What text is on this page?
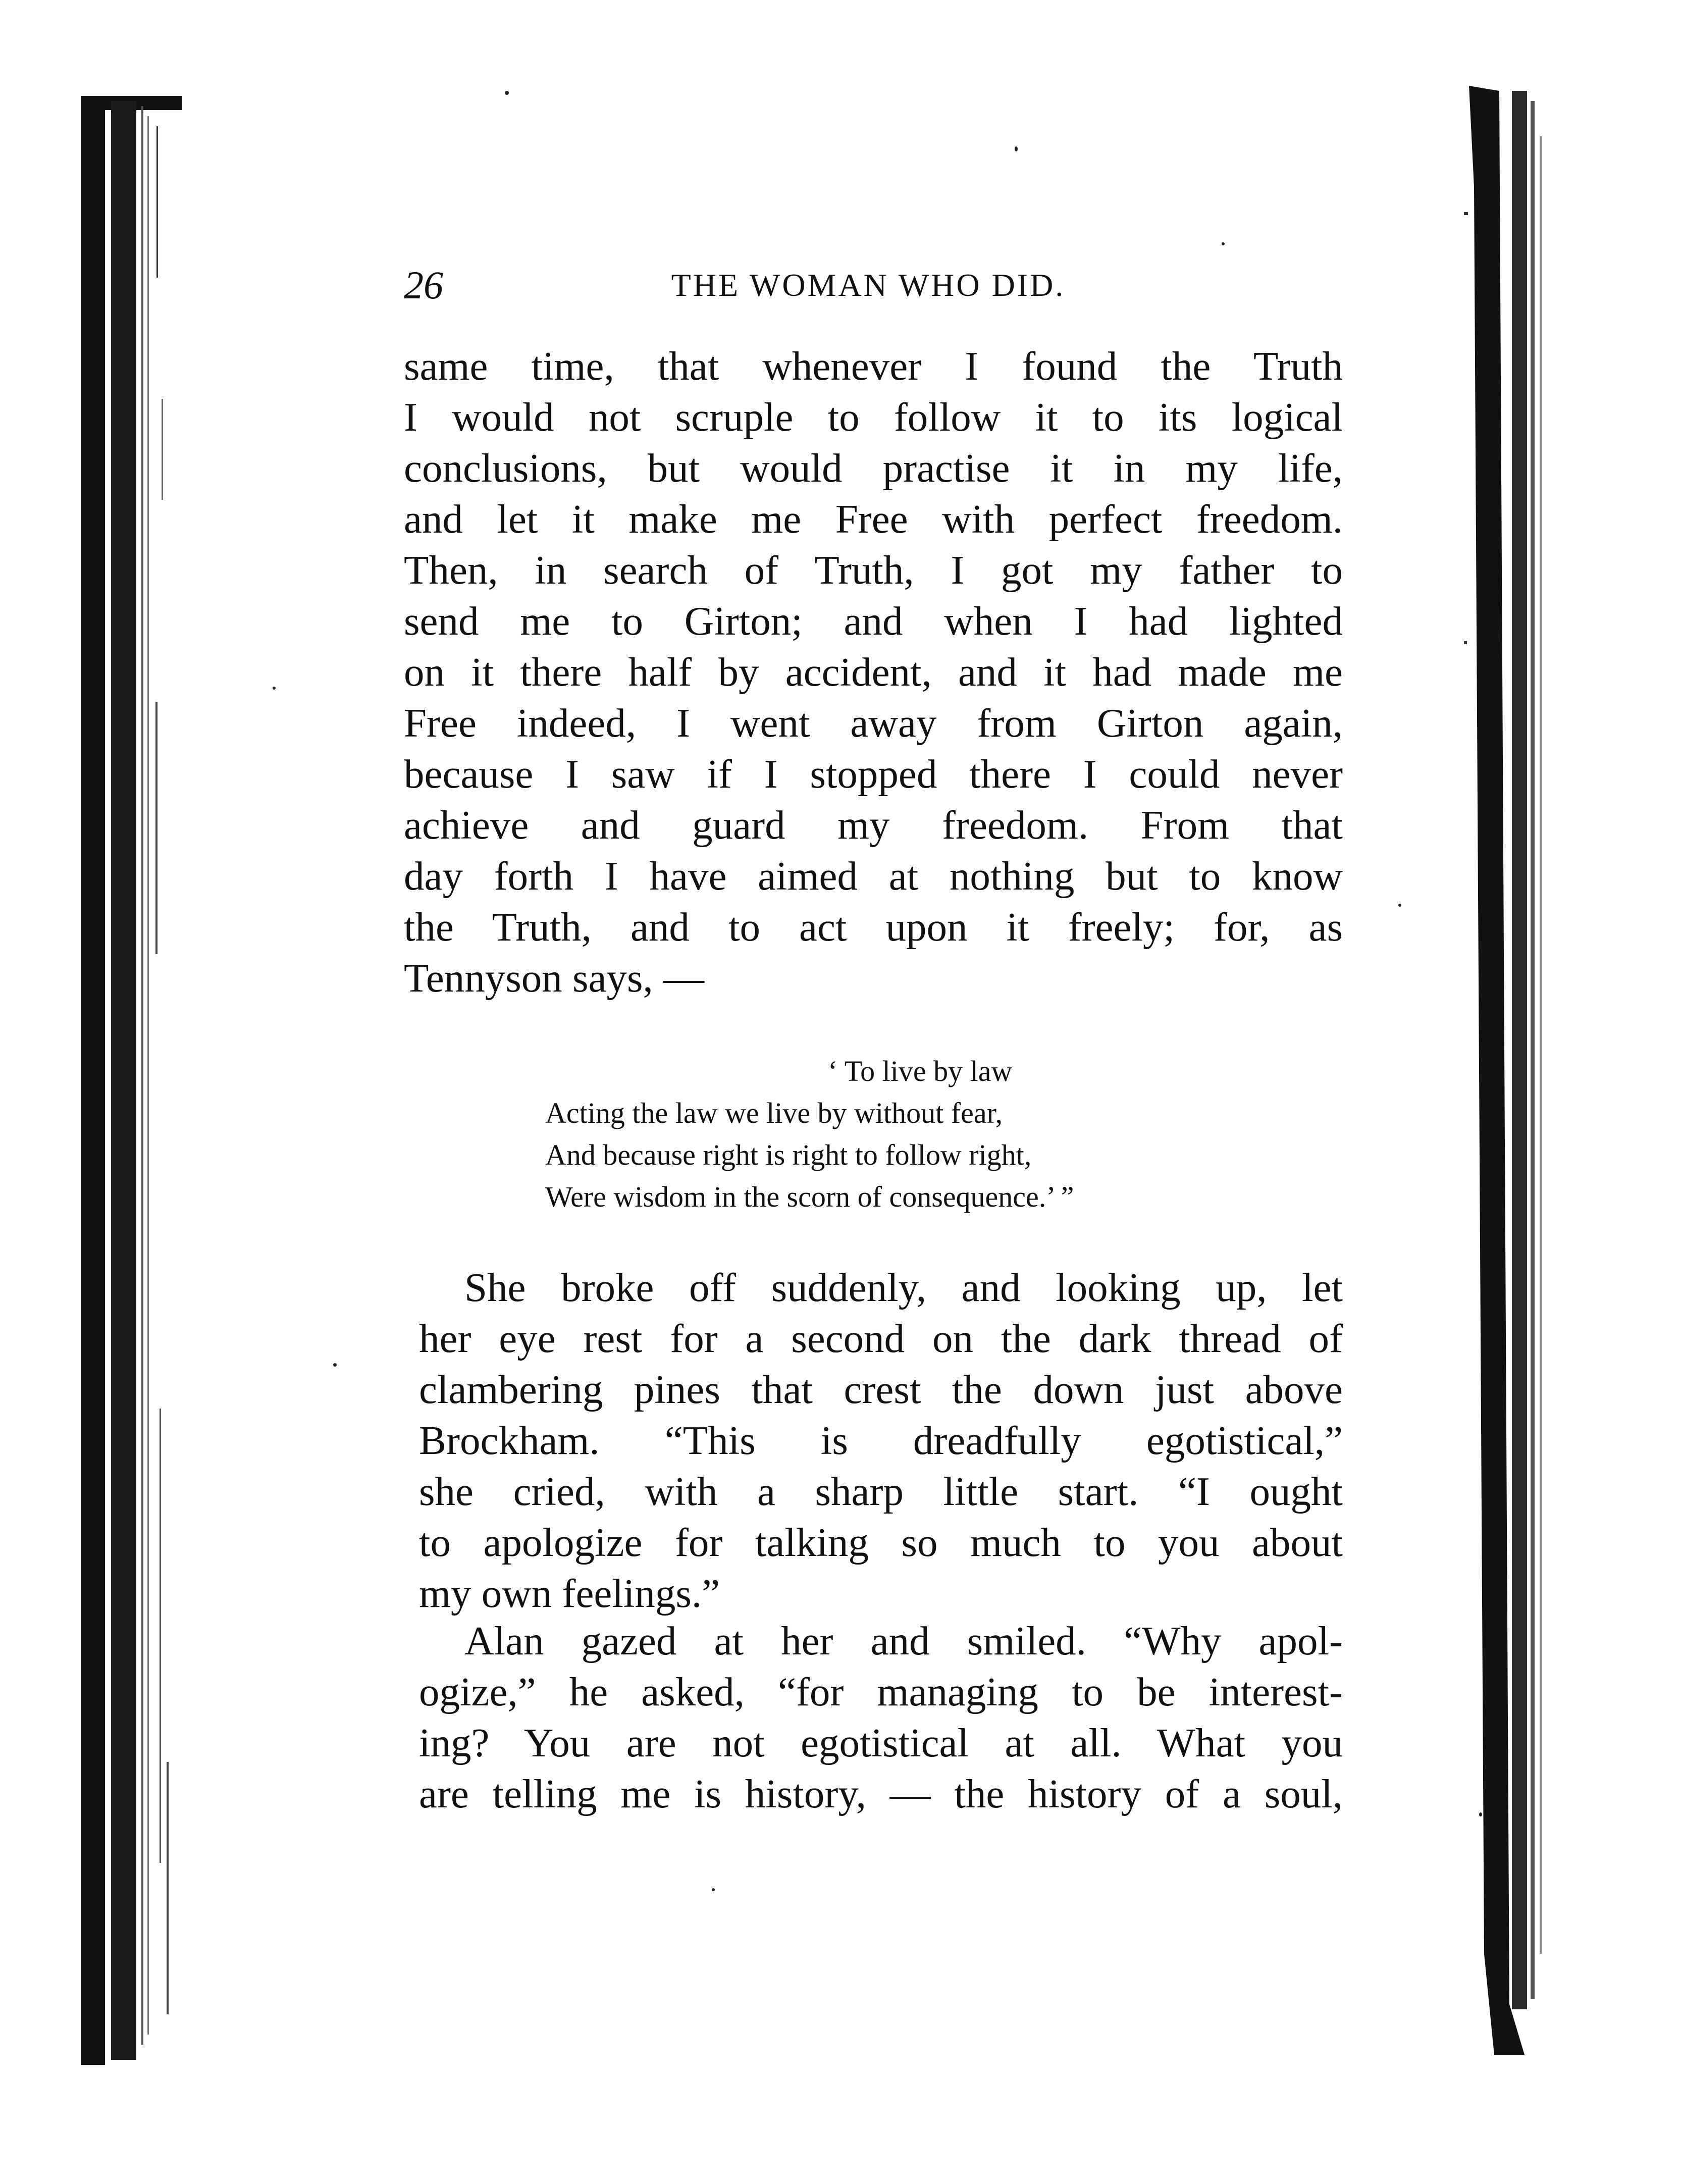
26	THE WOMAN WHO DID.
same time, that whenever I found the Truth
I would not scruple to follow it to its logical
conclusions, but would practise it in my life,
and let it make me Free with perfect freedom.
Then, in search of Truth, I got my father to
send me to Girton; and when I had lighted
on it there half by accident, and it had made me
Free indeed, I went away from Girton again,
because I saw if I stopped there I could never
achieve and guard my freedom. From that
day forth I have aimed at nothing but to know
the Truth, and to act upon it freely; for, as
Tennyson says, —
‘ To live by law
Acting the law we live by without fear,
And because right is right to follow right,
Were wisdom in the scorn of consequence.’ ”
She broke off suddenly, and looking up, let
her eye rest for a second on the dark thread of
clambering pines that crest the down just above
Brockham. “This is dreadfully egotistical,”
she cried, with a sharp little start. “I ought
to apologize for talking so much to you about
my own feelings.”
Alan gazed at her and smiled. “Why apol-
ogize,” he asked, “for managing to be interest-
ing? You are not egotistical at all. What you
are telling me is history, — the history of a soul,
